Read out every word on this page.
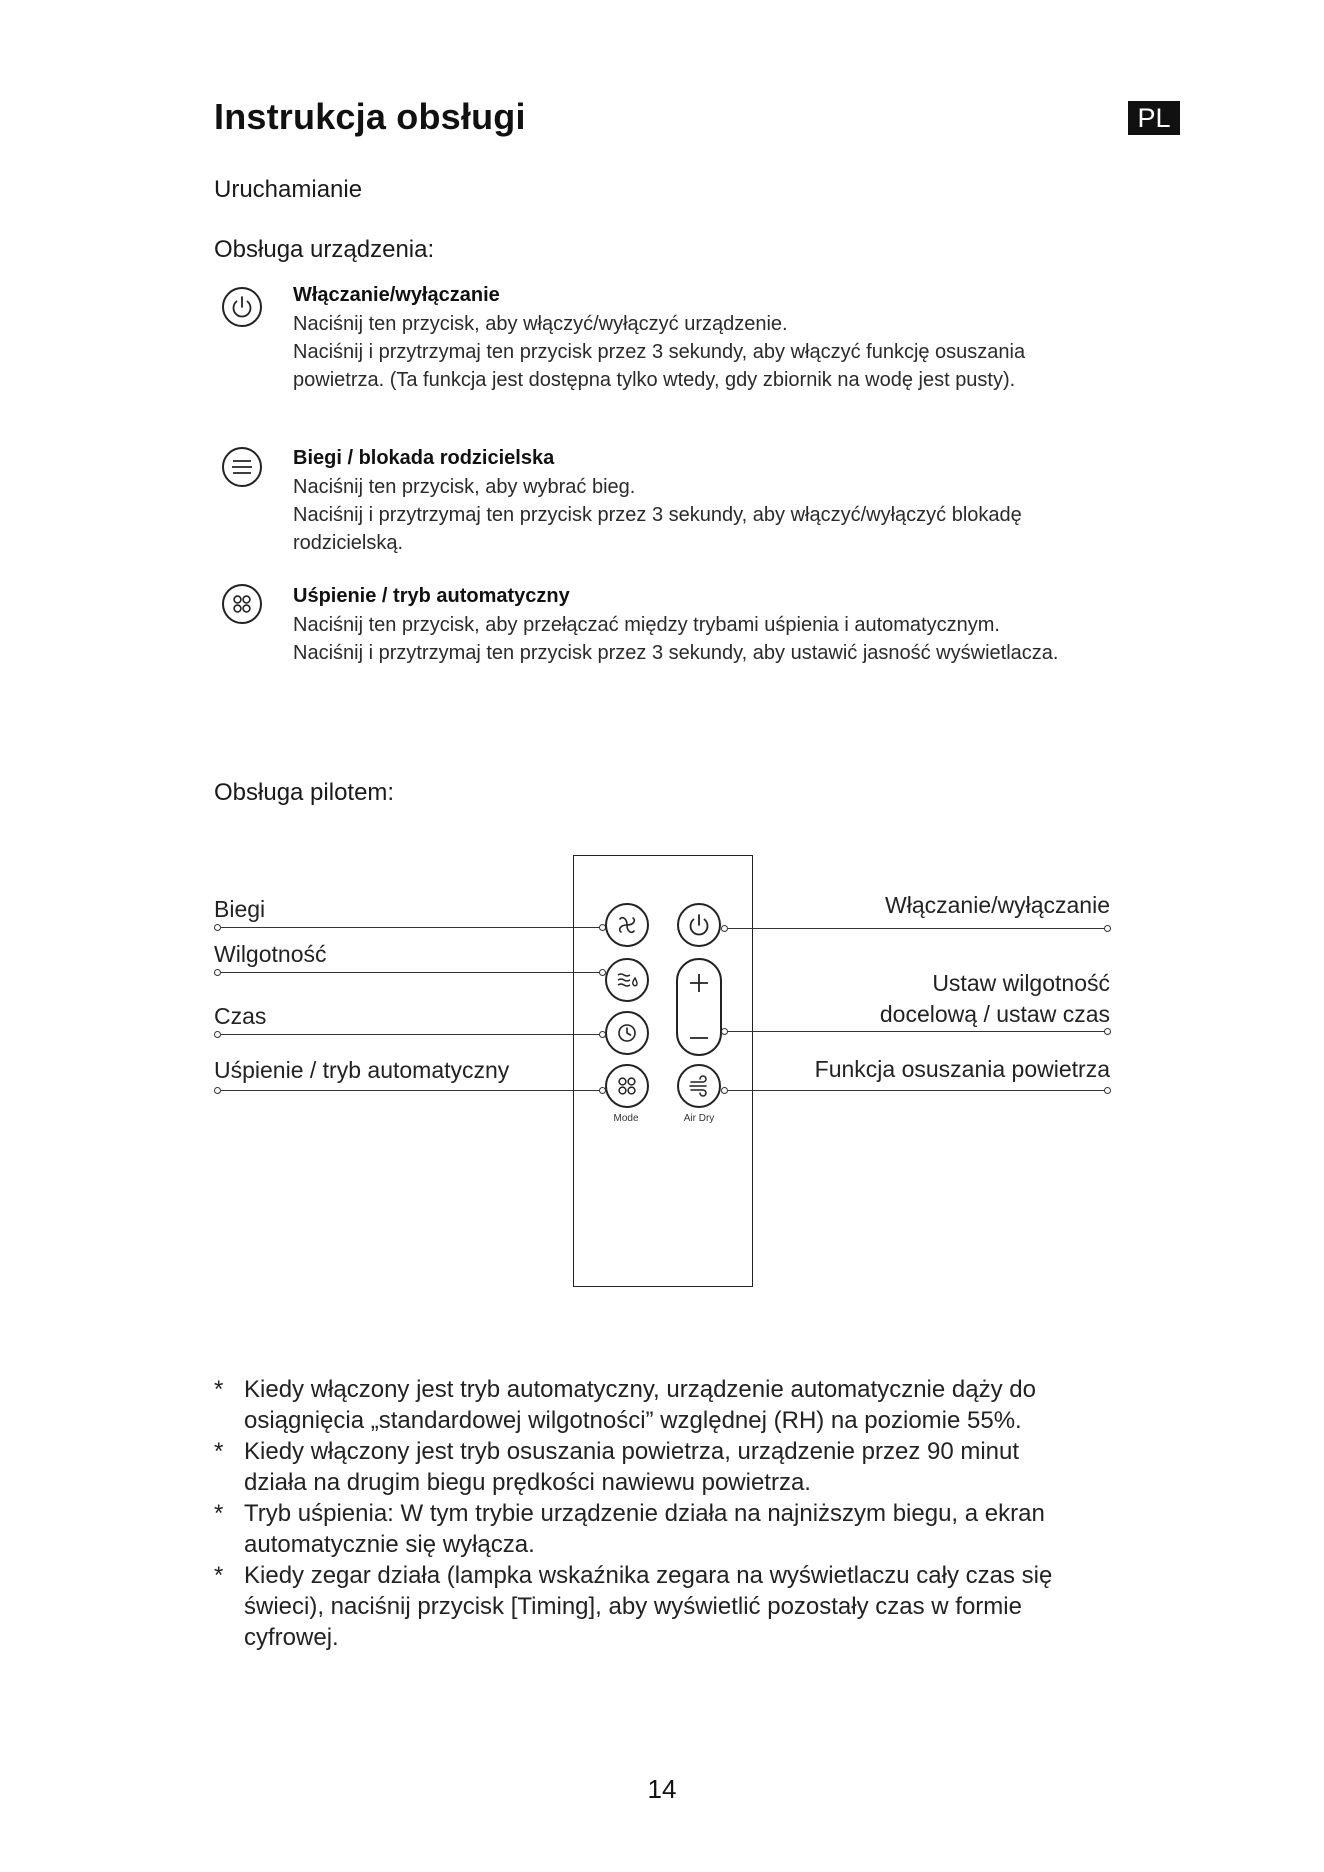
Instrukcja obsługi	PL
Uruchamianie
Obsługa urządzenia:
Włączanie/wyłączanie
Naciśnij ten przycisk, aby włączyć/wyłączyć urządzenie.
Naciśnij i przytrzymaj ten przycisk przez 3 sekundy, aby włączyć funkcję osuszania
powietrza. (Ta funkcja jest dostępna tylko wtedy, gdy zbiornik na wodę jest pusty).
Biegi / blokada rodzicielska
Naciśnij ten przycisk, aby wybrać bieg.
Naciśnij i przytrzymaj ten przycisk przez 3 sekundy, aby włączyć/wyłączyć blokadę
rodzicielską.
Uśpienie / tryb automatyczny
Naciśnij ten przycisk, aby przełączać między trybami uśpienia i automatycznym.
Naciśnij i przytrzymaj ten przycisk przez 3 sekundy, aby ustawić jasność wyświetlacza.
Obsługa pilotem:
Mode	Air Dry
Biegi
Wilgotność
Czas
Uśpienie / tryb automatyczny
Włączanie/wyłączanie
Ustaw wilgotność
docelową / ustaw czas
Funkcja osuszania powietrza
* Kiedy włączony jest tryb automatyczny, urządzenie automatycznie dąży do
osiągnięcia „standardowej wilgotności” względnej (RH) na poziomie 55%.
* Kiedy włączony jest tryb osuszania powietrza, urządzenie przez 90 minut
działa na drugim biegu prędkości nawiewu powietrza.
* Tryb uśpienia: W tym trybie urządzenie działa na najniższym biegu, a ekran
automatycznie się wyłącza.
* Kiedy zegar działa (lampka wskaźnika zegara na wyświetlaczu cały czas się
świeci), naciśnij przycisk [Timing], aby wyświetlić pozostały czas w formie
cyfrowej.
14
